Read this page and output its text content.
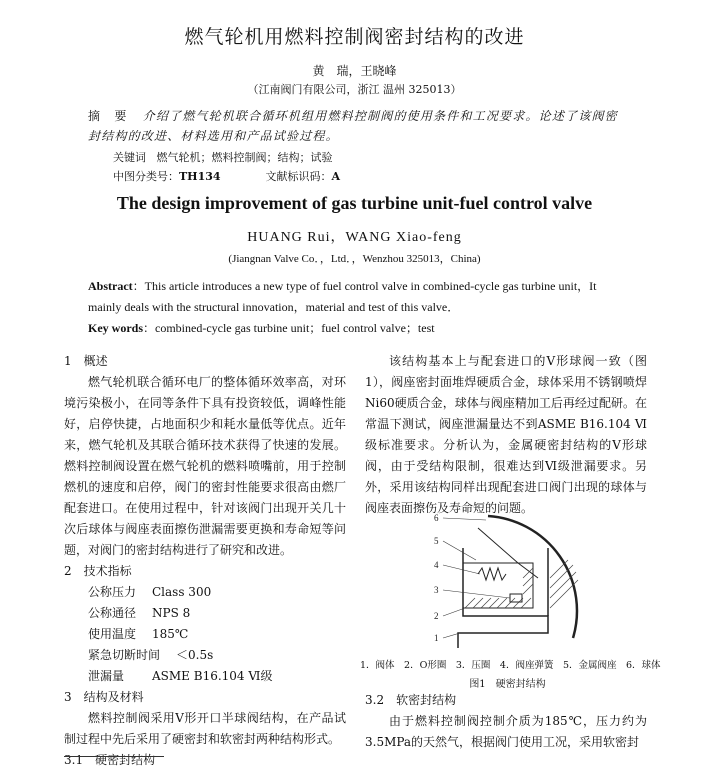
燃气轮机用燃料控制阀密封结构的改进
黄　瑞，王晓峰
（江南阀门有限公司，浙江 温州 325013）
摘　要 介绍了燃气轮机联合循环机组用燃料控制阀的使用条件和工况要求。论述了该阀密封结构的改进、材料选用和产品试验过程。
关键词 燃气轮机；燃料控制阀；结构；试验
中图分类号：TH134	文献标识码：A
The design improvement of gas turbine unit-fuel control valve
HUANG Rui，WANG Xiao-feng
(Jiangnan Valve Co．，Ltd．，Wenzhou 325013，China)
Abstract：This article introduces a new type of fuel control valve in combined-cycle gas turbine unit，It mainly deals with the structural innovation，material and test of this valve．
Key words：combined-cycle gas turbine unit；fuel control valve；test

1　概述

燃气轮机联合循环电厂的整体循环效率高，对环境污染极小，在同等条件下具有投资较低，调峰性能好，启停快捷，占地面积少和耗水量低等优点。近年来，燃气轮机及其联合循环技术获得了快速的发展。燃料控制阀设置在燃气轮机的燃料喷嘴前，用于控制燃机的速度和启停，阀门的密封性能要求很高由燃厂配套进口。在使用过程中，针对该阀门出现开关几十次后球体与阀座表面擦伤泄漏需要更换和寿命短等问题，对阀门的密封结构进行了研究和改进。

2　技术指标

公称压力 Class 300

公称通径 NPS 8

使用温度 185℃

紧急切断时间 ＜0.5s

泄漏量 ASME B16.104 Ⅵ级

3　结构及材料

燃料控制阀采用Ⅴ形开口半球阀结构，在产品试制过程中先后采用了硬密封和软密封两种结构形式。

3.1　硬密封结构

该结构基本上与配套进口的Ⅴ形球阀一致（图1），阀座密封面堆焊硬质合金，球体采用不锈钢喷焊Ni60硬质合金，球体与阀座精加工后再经过配研。在常温下测试，阀座泄漏量达不到ASME B16.104 Ⅵ级标准要求。分析认为，金属硬密封结构的Ⅴ形球阀，由于受结构限制，很难达到Ⅵ级泄漏要求。另外，采用该结构同样出现配套进口阀门出现的球体与阀座表面擦伤及寿命短的问题。

6
5
4
3
2
1
1．阀体　2．O形圈　3．压圈　4．阀座弹簧　5．金属阀座　6．球体
图1　硬密封结构

3.2　软密封结构

由于燃料控制阀控制介质为185℃，压力约为3.5MPa的天然气，根据阀门使用工况，采用软密封
